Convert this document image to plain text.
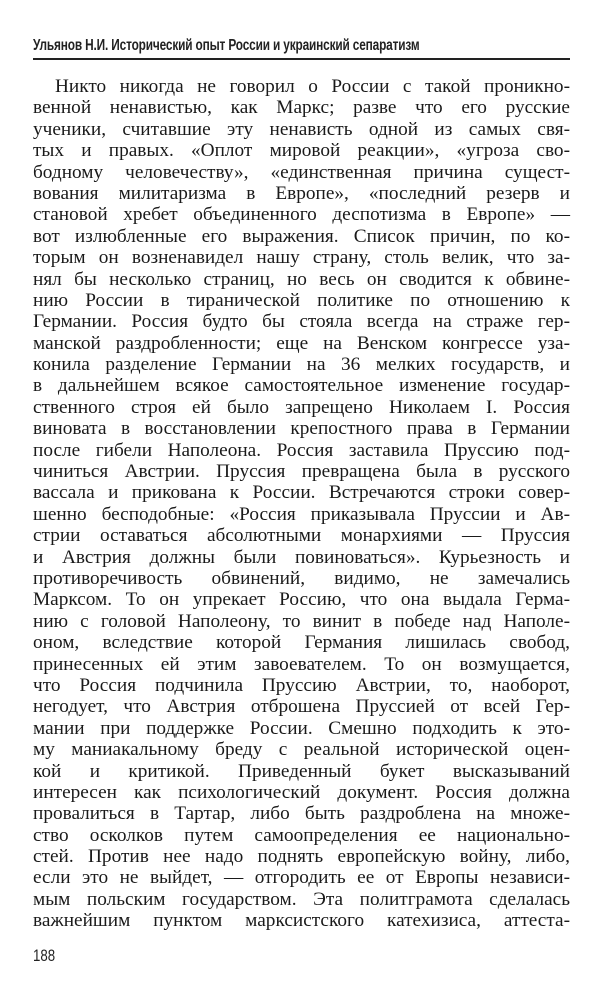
Ульянов Н.И. Исторический опыт России и украинский сепаратизм
Никто никогда не говорил о России с такой проникно-
венной ненавистью, как Маркс; разве что его русские
ученики, считавшие эту ненависть одной из самых свя-
тых и правых. «Оплот мировой реакции», «угроза сво-
бодному человечеству», «единственная причина сущест-
вования милитаризма в Европе», «последний резерв и
становой хребет объединенного деспотизма в Европе» —
вот излюбленные его выражения. Список причин, по ко-
торым он возненавидел нашу страну, столь велик, что за-
нял бы несколько страниц, но весь он сводится к обвине-
нию России в тиранической политике по отношению к
Германии. Россия будто бы стояла всегда на страже гер-
манской раздробленности; еще на Венском конгрессе уза-
конила разделение Германии на 36 мелких государств, и
в дальнейшем всякое самостоятельное изменение государ-
ственного строя ей было запрещено Николаем I. Россия
виновата в восстановлении крепостного права в Германии
после гибели Наполеона. Россия заставила Пруссию под-
чиниться Австрии. Пруссия превращена была в русского
вассала и прикована к России. Встречаются строки совер-
шенно бесподобные: «Россия приказывала Пруссии и Ав-
стрии оставаться абсолютными монархиями — Пруссия
и Австрия должны были повиноваться». Курьезность и
противоречивость обвинений, видимо, не замечались
Марксом. То он упрекает Россию, что она выдала Герма-
нию с головой Наполеону, то винит в победе над Наполе-
оном, вследствие которой Германия лишилась свобод,
принесенных ей этим завоевателем. То он возмущается,
что Россия подчинила Пруссию Австрии, то, наоборот,
негодует, что Австрия отброшена Пруссией от всей Гер-
мании при поддержке России. Смешно подходить к это-
му маниакальному бреду с реальной исторической оцен-
кой и критикой. Приведенный букет высказываний
интересен как психологический документ. Россия должна
провалиться в Тартар, либо быть раздроблена на множе-
ство осколков путем самоопределения ее национально-
стей. Против нее надо поднять европейскую войну, либо,
если это не выйдет, — отгородить ее от Европы независи-
мым польским государством. Эта политграмота сделалась
важнейшим пунктом марксистского катехизиса, аттеста-
188
